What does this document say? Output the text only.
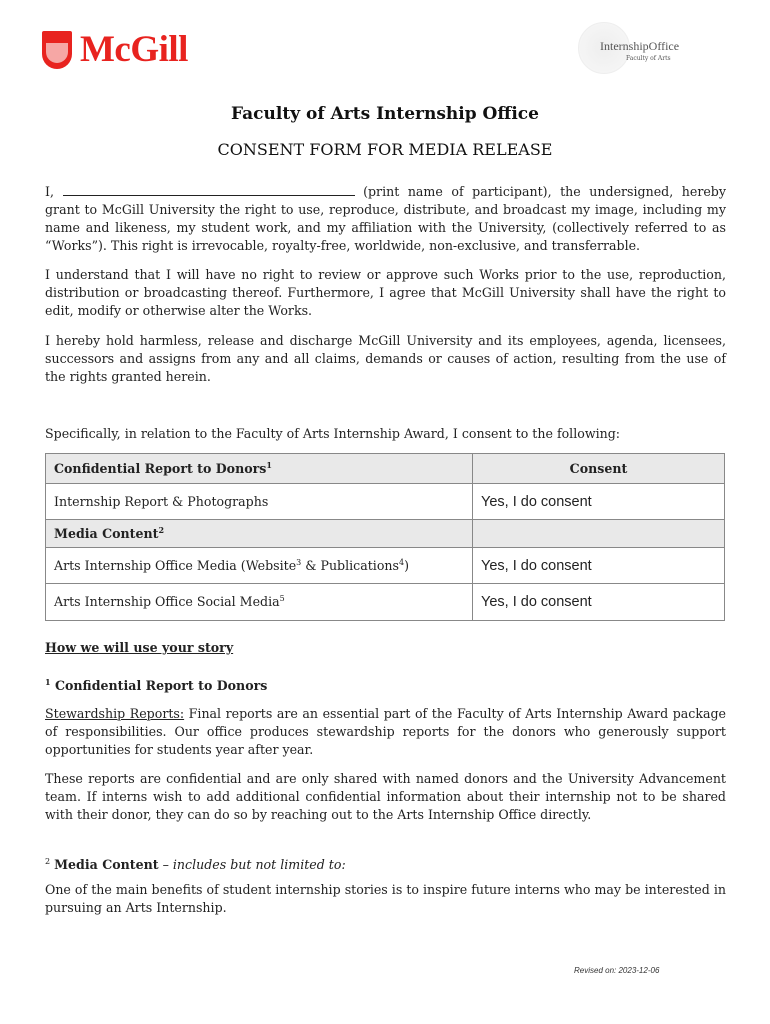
McGill	InternshipOffice
Faculty of Arts
Faculty of Arts Internship Office
CONSENT FORM FOR MEDIA RELEASE

I,	(print name of participant), the undersigned, hereby grant to McGill University the right to use, reproduce, distribute, and broadcast my image, including my name and likeness, my student work, and my affiliation with the University, (collectively referred to as “Works”). This right is irrevocable, royalty-free, worldwide, non-exclusive, and transferrable.

I understand that I will have no right to review or approve such Works prior to the use, reproduction, distribution or broadcasting thereof. Furthermore, I agree that McGill University shall have the right to edit, modify or otherwise alter the Works.

I hereby hold harmless, release and discharge McGill University and its employees, agenda, licensees, successors and assigns from any and all claims, demands or causes of action, resulting from the use of the rights granted herein.

Specifically, in relation to the Faculty of Arts Internship Award, I consent to the following:

Confidential Report to Donors$^1$	Consent
Internship Report & Photographs	Yes, I do consent
Media Content$^2$	
Arts Internship Office Media (Website$^3$ & Publications$^4$)	Yes, I do consent
Arts Internship Office Social Media$^5$	Yes, I do consent
How we will use your story
$^1$ Confidential Report to Donors

Stewardship Reports: Final reports are an essential part of the Faculty of Arts Internship Award package of responsibilities. Our office produces stewardship reports for the donors who generously support opportunities for students year after year.

These reports are confidential and are only shared with named donors and the University Advancement team. If interns wish to add additional confidential information about their internship not to be shared with their donor, they can do so by reaching out to the Arts Internship Office directly.

$^2$ Media Content – includes but not limited to:

One of the main benefits of student internship stories is to inspire future interns who may be interested in pursuing an Arts Internship.

Revised on: 2023-12-06
